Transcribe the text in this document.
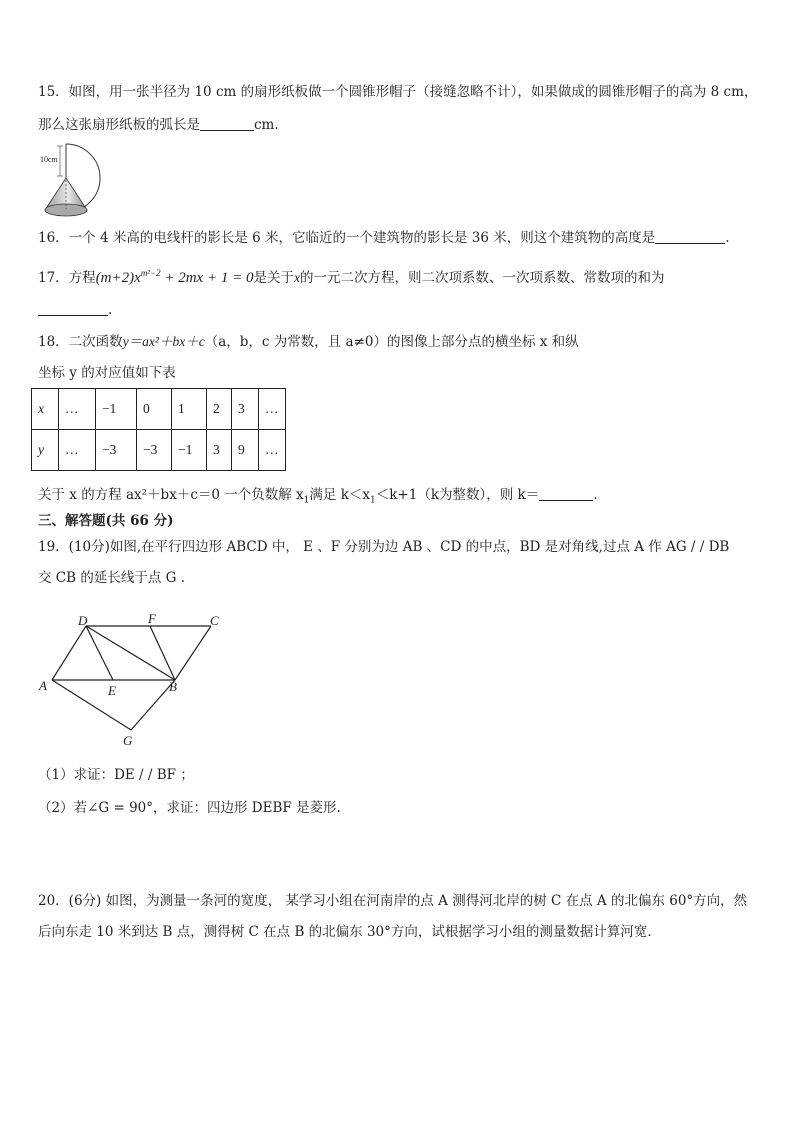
15．如图，用一张半径为 10 cm 的扇形纸板做一个圆锥形帽子（接缝忽略不计），如果做成的圆锥形帽子的高为 8 cm，
那么这张扇形纸板的弧长是	cm.
10cm
16．一个 4 米高的电线杆的影长是 6 米，它临近的一个建筑物的影长是 36 米，则这个建筑物的高度是	.
17．方程$(m+2)x^{m^2-2} + 2mx + 1 = 0$是关于x的一元二次方程，则二次项系数、一次项系数、常数项的和为
.
18．二次函数y＝ax²＋bx＋c（a，b，c 为常数，且 a≠0）的图像上部分点的横坐标 x 和纵
坐标 y 的对应值如下表
x	…	−1	0	1	2	3	…
y	…	−3	−3	−1	3	9	…
关于 x 的方程 ax²＋bx＋c＝0 一个负数解 $x_1$满足 $k<x_1<k+1(k$为整数），则 k＝	.
三、解答题(共 66 分)
19．(10分)如图,在平行四边形 ABCD 中， E 、F 分别为边 AB 、CD 的中点，BD 是对角线,过点 A 作 AG / / DB
交 CB 的延长线于点 G .
D	F	C
A	E	B
G
（1）求证：DE / / BF ；
（2）若∠G = 90°，求证：四边形 DEBF 是菱形.
20．(6分) 如图，为测量一条河的宽度， 某学习小组在河南岸的点 A 测得河北岸的树 C 在点 A 的北偏东 60°方向，然
后向东走 10 米到达 B 点，测得树 C 在点 B 的北偏东 30°方向，试根据学习小组的测量数据计算河宽.
